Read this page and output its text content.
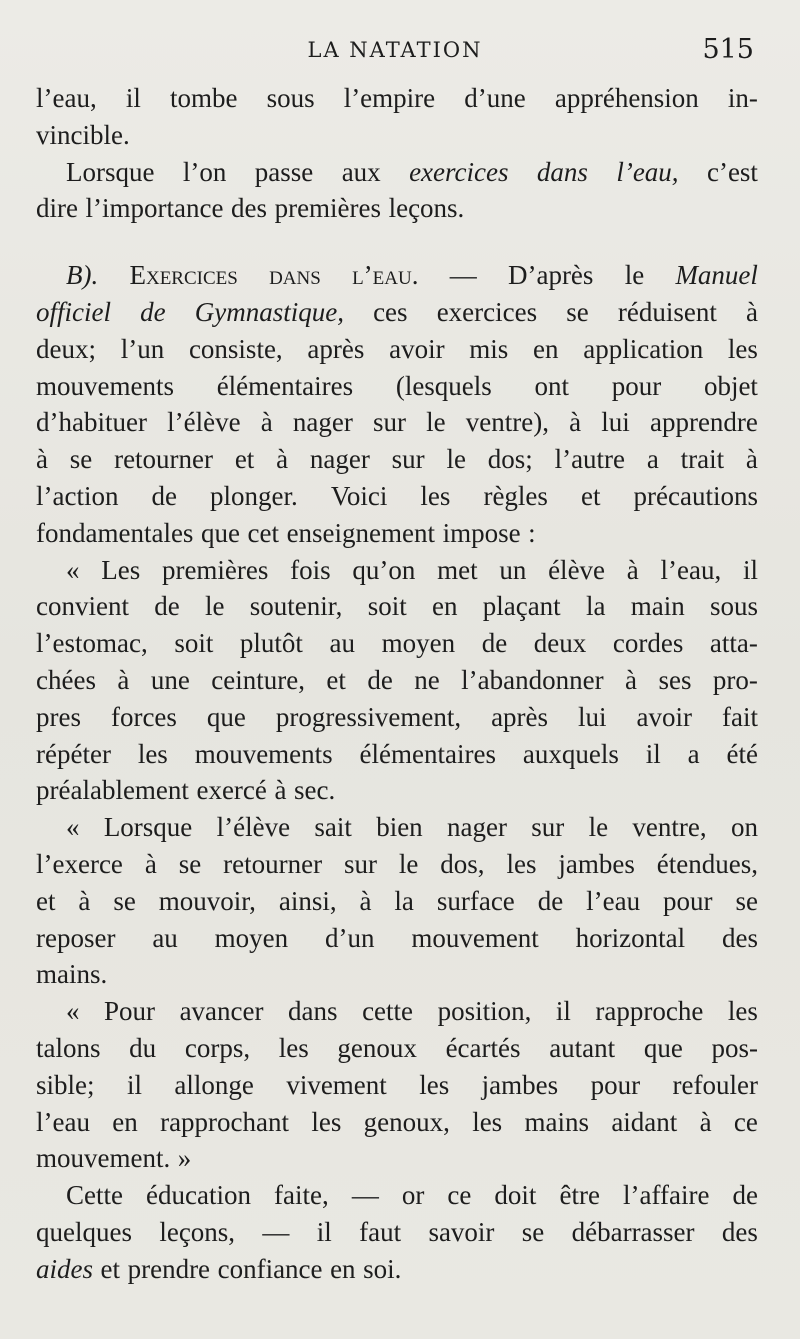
LA NATATION	515
l’eau, il tombe sous l’empire d’une appréhension in-
vincible.
Lorsque l’on passe aux exercices dans l’eau, c’est
dire l’importance des premières leçons.
B). Exercices dans l’eau. — D’après le Manuel
officiel de Gymnastique, ces exercices se réduisent à
deux; l’un consiste, après avoir mis en application les
mouvements élémentaires (lesquels ont pour objet
d’habituer l’élève à nager sur le ventre), à lui apprendre
à se retourner et à nager sur le dos; l’autre a trait à
l’action de plonger. Voici les règles et précautions
fondamentales que cet enseignement impose :
« Les premières fois qu’on met un élève à l’eau, il
convient de le soutenir, soit en plaçant la main sous
l’estomac, soit plutôt au moyen de deux cordes atta-
chées à une ceinture, et de ne l’abandonner à ses pro-
pres forces que progressivement, après lui avoir fait
répéter les mouvements élémentaires auxquels il a été
préalablement exercé à sec.
« Lorsque l’élève sait bien nager sur le ventre, on
l’exerce à se retourner sur le dos, les jambes étendues,
et à se mouvoir, ainsi, à la surface de l’eau pour se
reposer au moyen d’un mouvement horizontal des
mains.
« Pour avancer dans cette position, il rapproche les
talons du corps, les genoux écartés autant que pos-
sible; il allonge vivement les jambes pour refouler
l’eau en rapprochant les genoux, les mains aidant à ce
mouvement. »
Cette éducation faite, — or ce doit être l’affaire de
quelques leçons, — il faut savoir se débarrasser des
aides et prendre confiance en soi.
